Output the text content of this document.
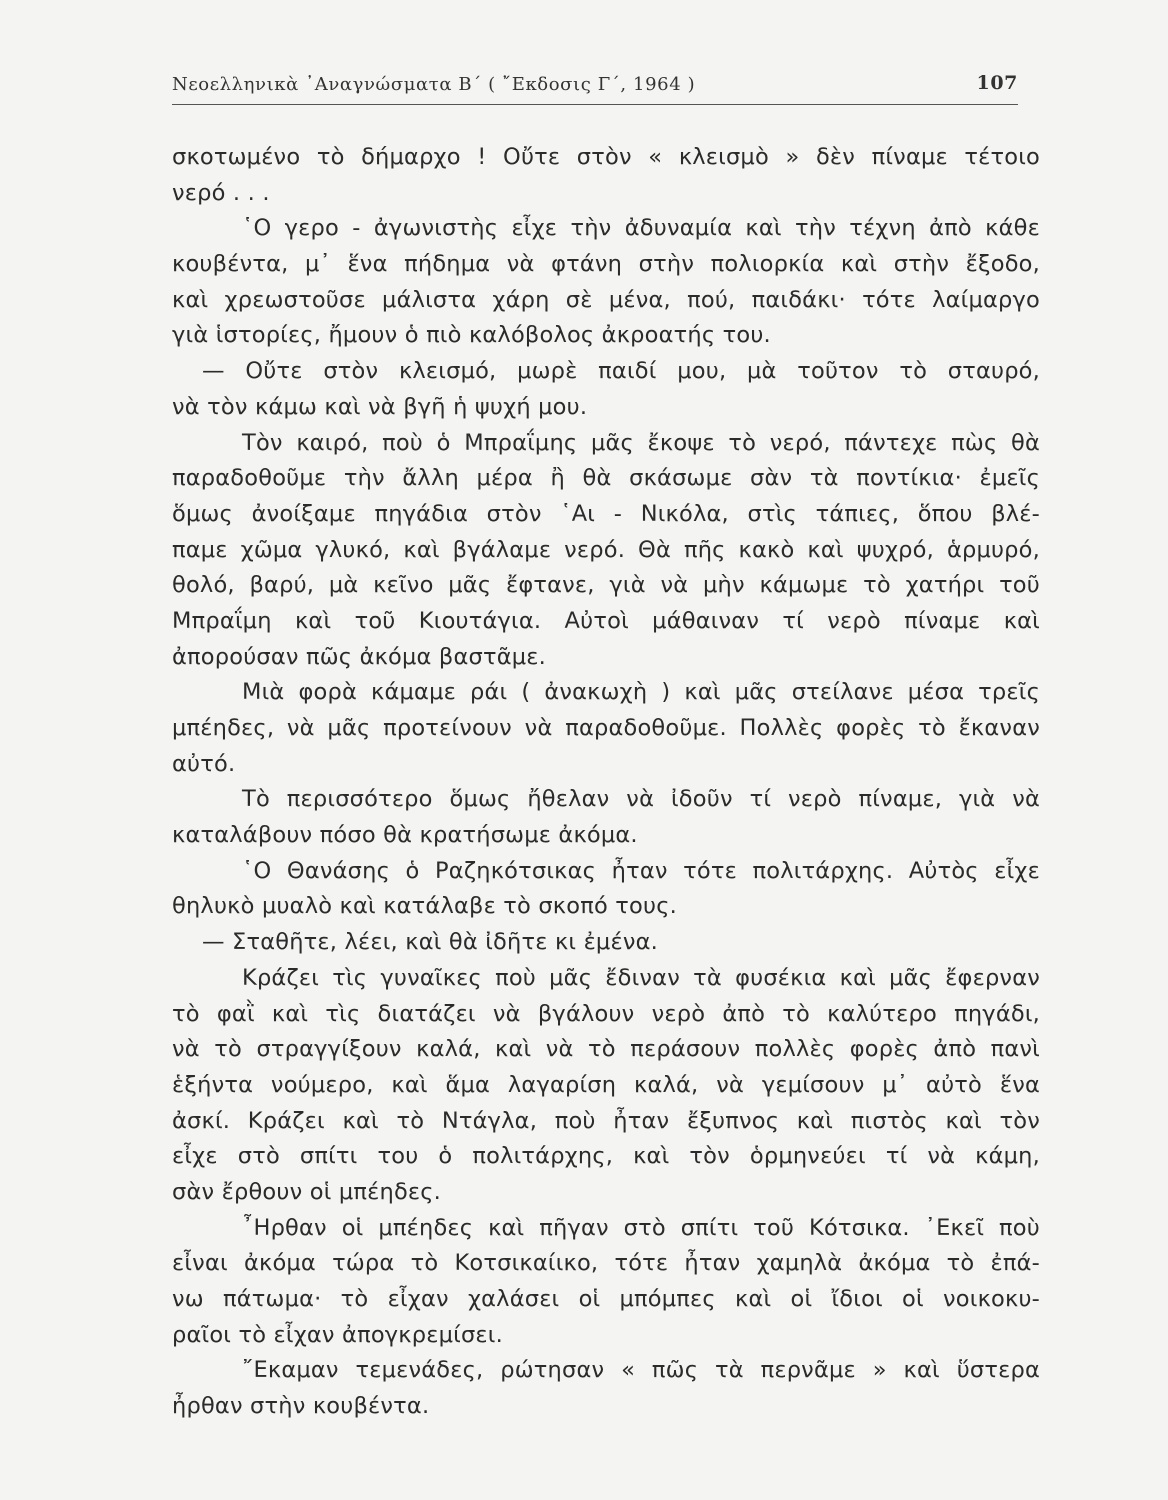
Νεοελληνικὰ ᾿Αναγνώσματα Β΄ ( ῎Εκδοσις Γ΄, 1964 )	107
σκοτωμένο τὸ δήμαρχο ! Οὔτε στὸν « κλεισμὸ » δὲν πίναμε τέτοιο
νερό . . .
῾Ο γερο - ἀγωνιστὴς εἶχε τὴν ἀδυναμία καὶ τὴν τέχνη ἀπὸ κάθε
κουβέντα, μ᾿ ἕνα πήδημα νὰ φτάνη στὴν πολιορκία καὶ στὴν ἔξοδο,
καὶ χρεωστοῦσε μάλιστα χάρη σὲ μένα, πού, παιδάκι· τότε λαίμαργο
γιὰ ἱστορίες, ἤμουν ὁ πιὸ καλόβολος ἀκροατής του.
— Οὔτε στὸν κλεισμό, μωρὲ παιδί μου, μὰ τοῦτον τὸ σταυρό,
νὰ τὸν κάμω καὶ νὰ βγῆ ἡ ψυχή μου.
Τὸν καιρό, ποὺ ὁ Μπραΐμης μᾶς ἔκοψε τὸ νερό, πάντεχε πὼς θὰ
παραδοθοῦμε τὴν ἄλλη μέρα ἢ θὰ σκάσωμε σὰν τὰ ποντίκια· ἐμεῖς
ὅμως ἀνοίξαμε πηγάδια στὸν ῾Αι - Νικόλα, στὶς τάπιες, ὅπου βλέ-
παμε χῶμα γλυκό, καὶ βγάλαμε νερό. Θὰ πῆς κακὸ καὶ ψυχρό, ἁρμυρό,
θολό, βαρύ, μὰ κεῖνο μᾶς ἔφτανε, γιὰ νὰ μὴν κάμωμε τὸ χατήρι τοῦ
Μπραΐμη καὶ τοῦ Κιουτάγια. Αὐτοὶ μάθαιναν τί νερὸ πίναμε καὶ
ἀπορούσαν πῶς ἀκόμα βαστᾶμε.
Μιὰ φορὰ κάμαμε ράι ( ἀνακωχὴ ) καὶ μᾶς στείλανε μέσα τρεῖς
μπέηδες, νὰ μᾶς προτείνουν νὰ παραδοθοῦμε. Πολλὲς φορὲς τὸ ἔκαναν
αὐτό.
Τὸ περισσότερο ὅμως ἤθελαν νὰ ἰδοῦν τί νερὸ πίναμε, γιὰ νὰ
καταλάβουν πόσο θὰ κρατήσωμε ἀκόμα.
῾Ο Θανάσης ὁ Ραζηκότσικας ἦταν τότε πολιτάρχης. Αὐτὸς εἶχε
θηλυκὸ μυαλὸ καὶ κατάλαβε τὸ σκοπό τους.
— Σταθῆτε, λέει, καὶ θὰ ἰδῆτε κι ἐμένα.
Κράζει τὶς γυναῖκες ποὺ μᾶς ἔδιναν τὰ φυσέκια καὶ μᾶς ἔφερναν
τὸ φαῒ καὶ τὶς διατάζει νὰ βγάλουν νερὸ ἀπὸ τὸ καλύτερο πηγάδι,
νὰ τὸ στραγγίξουν καλά, καὶ νὰ τὸ περάσουν πολλὲς φορὲς ἀπὸ πανὶ
ἑξήντα νούμερο, καὶ ἅμα λαγαρίση καλά, νὰ γεμίσουν μ᾿ αὐτὸ ἕνα
ἀσκί. Κράζει καὶ τὸ Ντάγλα, ποὺ ἦταν ἔξυπνος καὶ πιστὸς καὶ τὸν
εἶχε στὸ σπίτι του ὁ πολιτάρχης, καὶ τὸν ὁρμηνεύει τί νὰ κάμη,
σὰν ἔρθουν οἱ μπέηδες.
῏Ηρθαν οἱ μπέηδες καὶ πῆγαν στὸ σπίτι τοῦ Κότσικα. ᾿Εκεῖ ποὺ
εἶναι ἀκόμα τώρα τὸ Κοτσικαίικο, τότε ἦταν χαμηλὰ ἀκόμα τὸ ἐπά-
νω πάτωμα· τὸ εἶχαν χαλάσει οἱ μπόμπες καὶ οἱ ἴδιοι οἱ νοικοκυ-
ραῖοι τὸ εἶχαν ἀπογκρεμίσει.
῎Εκαμαν τεμενάδες, ρώτησαν « πῶς τὰ περνᾶμε » καὶ ὕστερα
ἦρθαν στὴν κουβέντα.
